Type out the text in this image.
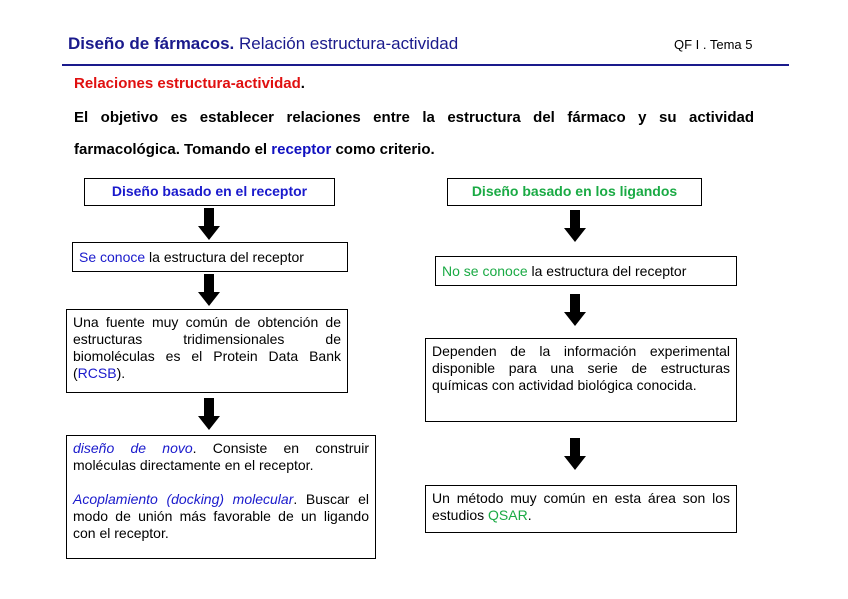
Diseño de fármacos. Relación estructura-actividad	QF I . Tema 5
Relaciones estructura-actividad.
El objetivo es establecer relaciones entre la estructura del fármaco y su actividad farmacológica. Tomando el receptor como criterio.
Diseño basado en el receptor
Se conoce la estructura del receptor
Una fuente muy común de obtención de estructuras tridimensionales de biomoléculas es el Protein Data Bank (RCSB).
diseño de novo. Consiste en construir moléculas directamente en el receptor.
Acoplamiento (docking) molecular. Buscar el modo de unión más favorable de un ligando con el receptor.
Diseño basado en los ligandos
No se conoce la estructura del receptor
Dependen de la información experimental disponible para una serie de estructuras químicas con actividad biológica conocida.
Un método muy común en esta área son los estudios QSAR.
